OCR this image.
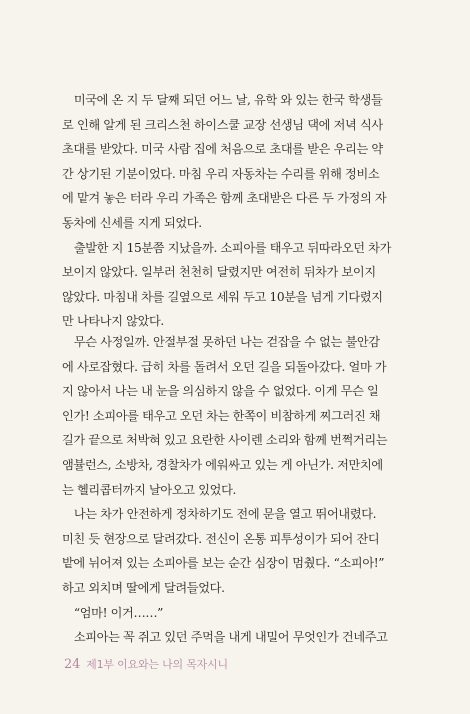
　미국에 온 지 두 달째 되던 어느 날, 유학 와 있는 한국 학생들
로 인해 알게 된 크리스천 하이스쿨 교장 선생님 댁에 저녁 식사
초대를 받았다. 미국 사람 집에 처음으로 초대를 받은 우리는 약
간 상기된 기분이었다. 마침 우리 자동차는 수리를 위해 정비소
에 맡겨 놓은 터라 우리 가족은 함께 초대받은 다른 두 가정의 자
동차에 신세를 지게 되었다.
　출발한 지 15분쯤 지났을까. 소피아를 태우고 뒤따라오던 차가
보이지 않았다. 일부러 천천히 달렸지만 여전히 뒤차가 보이지
않았다. 마침내 차를 길옆으로 세워 두고 10분을 넘게 기다렸지
만 나타나지 않았다.
　무슨 사정일까. 안절부절 못하던 나는 걷잡을 수 없는 불안감
에 사로잡혔다. 급히 차를 돌려서 오던 길을 되돌아갔다. 얼마 가
지 않아서 나는 내 눈을 의심하지 않을 수 없었다. 이게 무슨 일
인가! 소피아를 태우고 오던 차는 한쪽이 비참하게 찌그러진 채
길가 끝으로 처박혀 있고 요란한 사이렌 소리와 함께 번쩍거리는
앰뷸런스, 소방차, 경찰차가 에워싸고 있는 게 아닌가. 저만치에
는 헬리콥터까지 날아오고 있었다.
　나는 차가 안전하게 정차하기도 전에 문을 열고 뛰어내렸다.
미친 듯 현장으로 달려갔다. 전신이 온통 피투성이가 되어 잔디
밭에 뉘어져 있는 소피아를 보는 순간 심장이 멈췄다. “소피아!”
하고 외치며 딸에게 달려들었다.
　“엄마! 이거……”
　소피아는 꼭 쥐고 있던 주먹을 내게 내밀어 무엇인가 건네주고
24 제1부 이요와는 나의 목자시니
